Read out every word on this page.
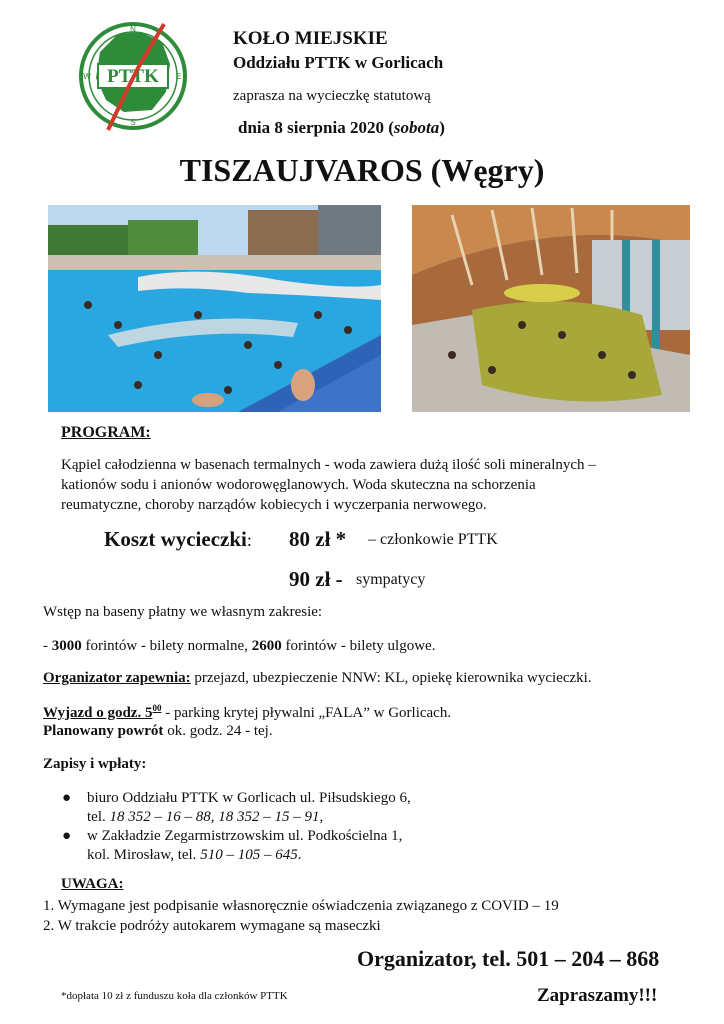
PTTK
N
S
W	E
KOŁO MIEJSKIE
Oddziału PTTK w Gorlicach
zaprasza na wycieczkę statutową
dnia 8 sierpnia 2020 (sobota)
TISZAUJVAROS (Węgry)
PROGRAM:
Kąpiel całodzienna w basenach termalnych - woda zawiera dużą ilość soli mineralnych –
kationów sodu i anionów wodorowęglanowych. Woda skuteczna na schorzenia
reumatyczne, choroby narządów kobiecych i wyczerpania nerwowego.
Koszt wycieczki: 80 zł * – członkowie PTTK
90 zł - sympatycy
Wstęp na baseny płatny we własnym zakresie:
- 3000 forintów - bilety normalne, 2600 forintów - bilety ulgowe.
Organizator zapewnia: przejazd, ubezpieczenie NNW: KL, opiekę kierownika wycieczki.
Wyjazd o godz. $5^{00}$ - parking krytej pływalni „FALA” w Gorlicach.
Planowany powrót ok. godz. 24 - tej.
Zapisy i wpłaty:
● biuro Oddziału PTTK w Gorlicach ul. Piłsudskiego 6,
tel. 18 352 – 16 – 88, 18 352 – 15 – 91,
● w Zakładzie Zegarmistrzowskim ul. Podkościelna 1,
kol. Mirosław, tel. 510 – 105 – 645.
UWAGA:
1. Wymagane jest podpisanie własnoręcznie oświadczenia związanego z COVID – 19
2. W trakcie podróży autokarem wymagane są maseczki
Organizator, tel. 501 – 204 – 868
*dopłata 10 zł z funduszu koła dla członków PTTK	Zapraszamy!!!
